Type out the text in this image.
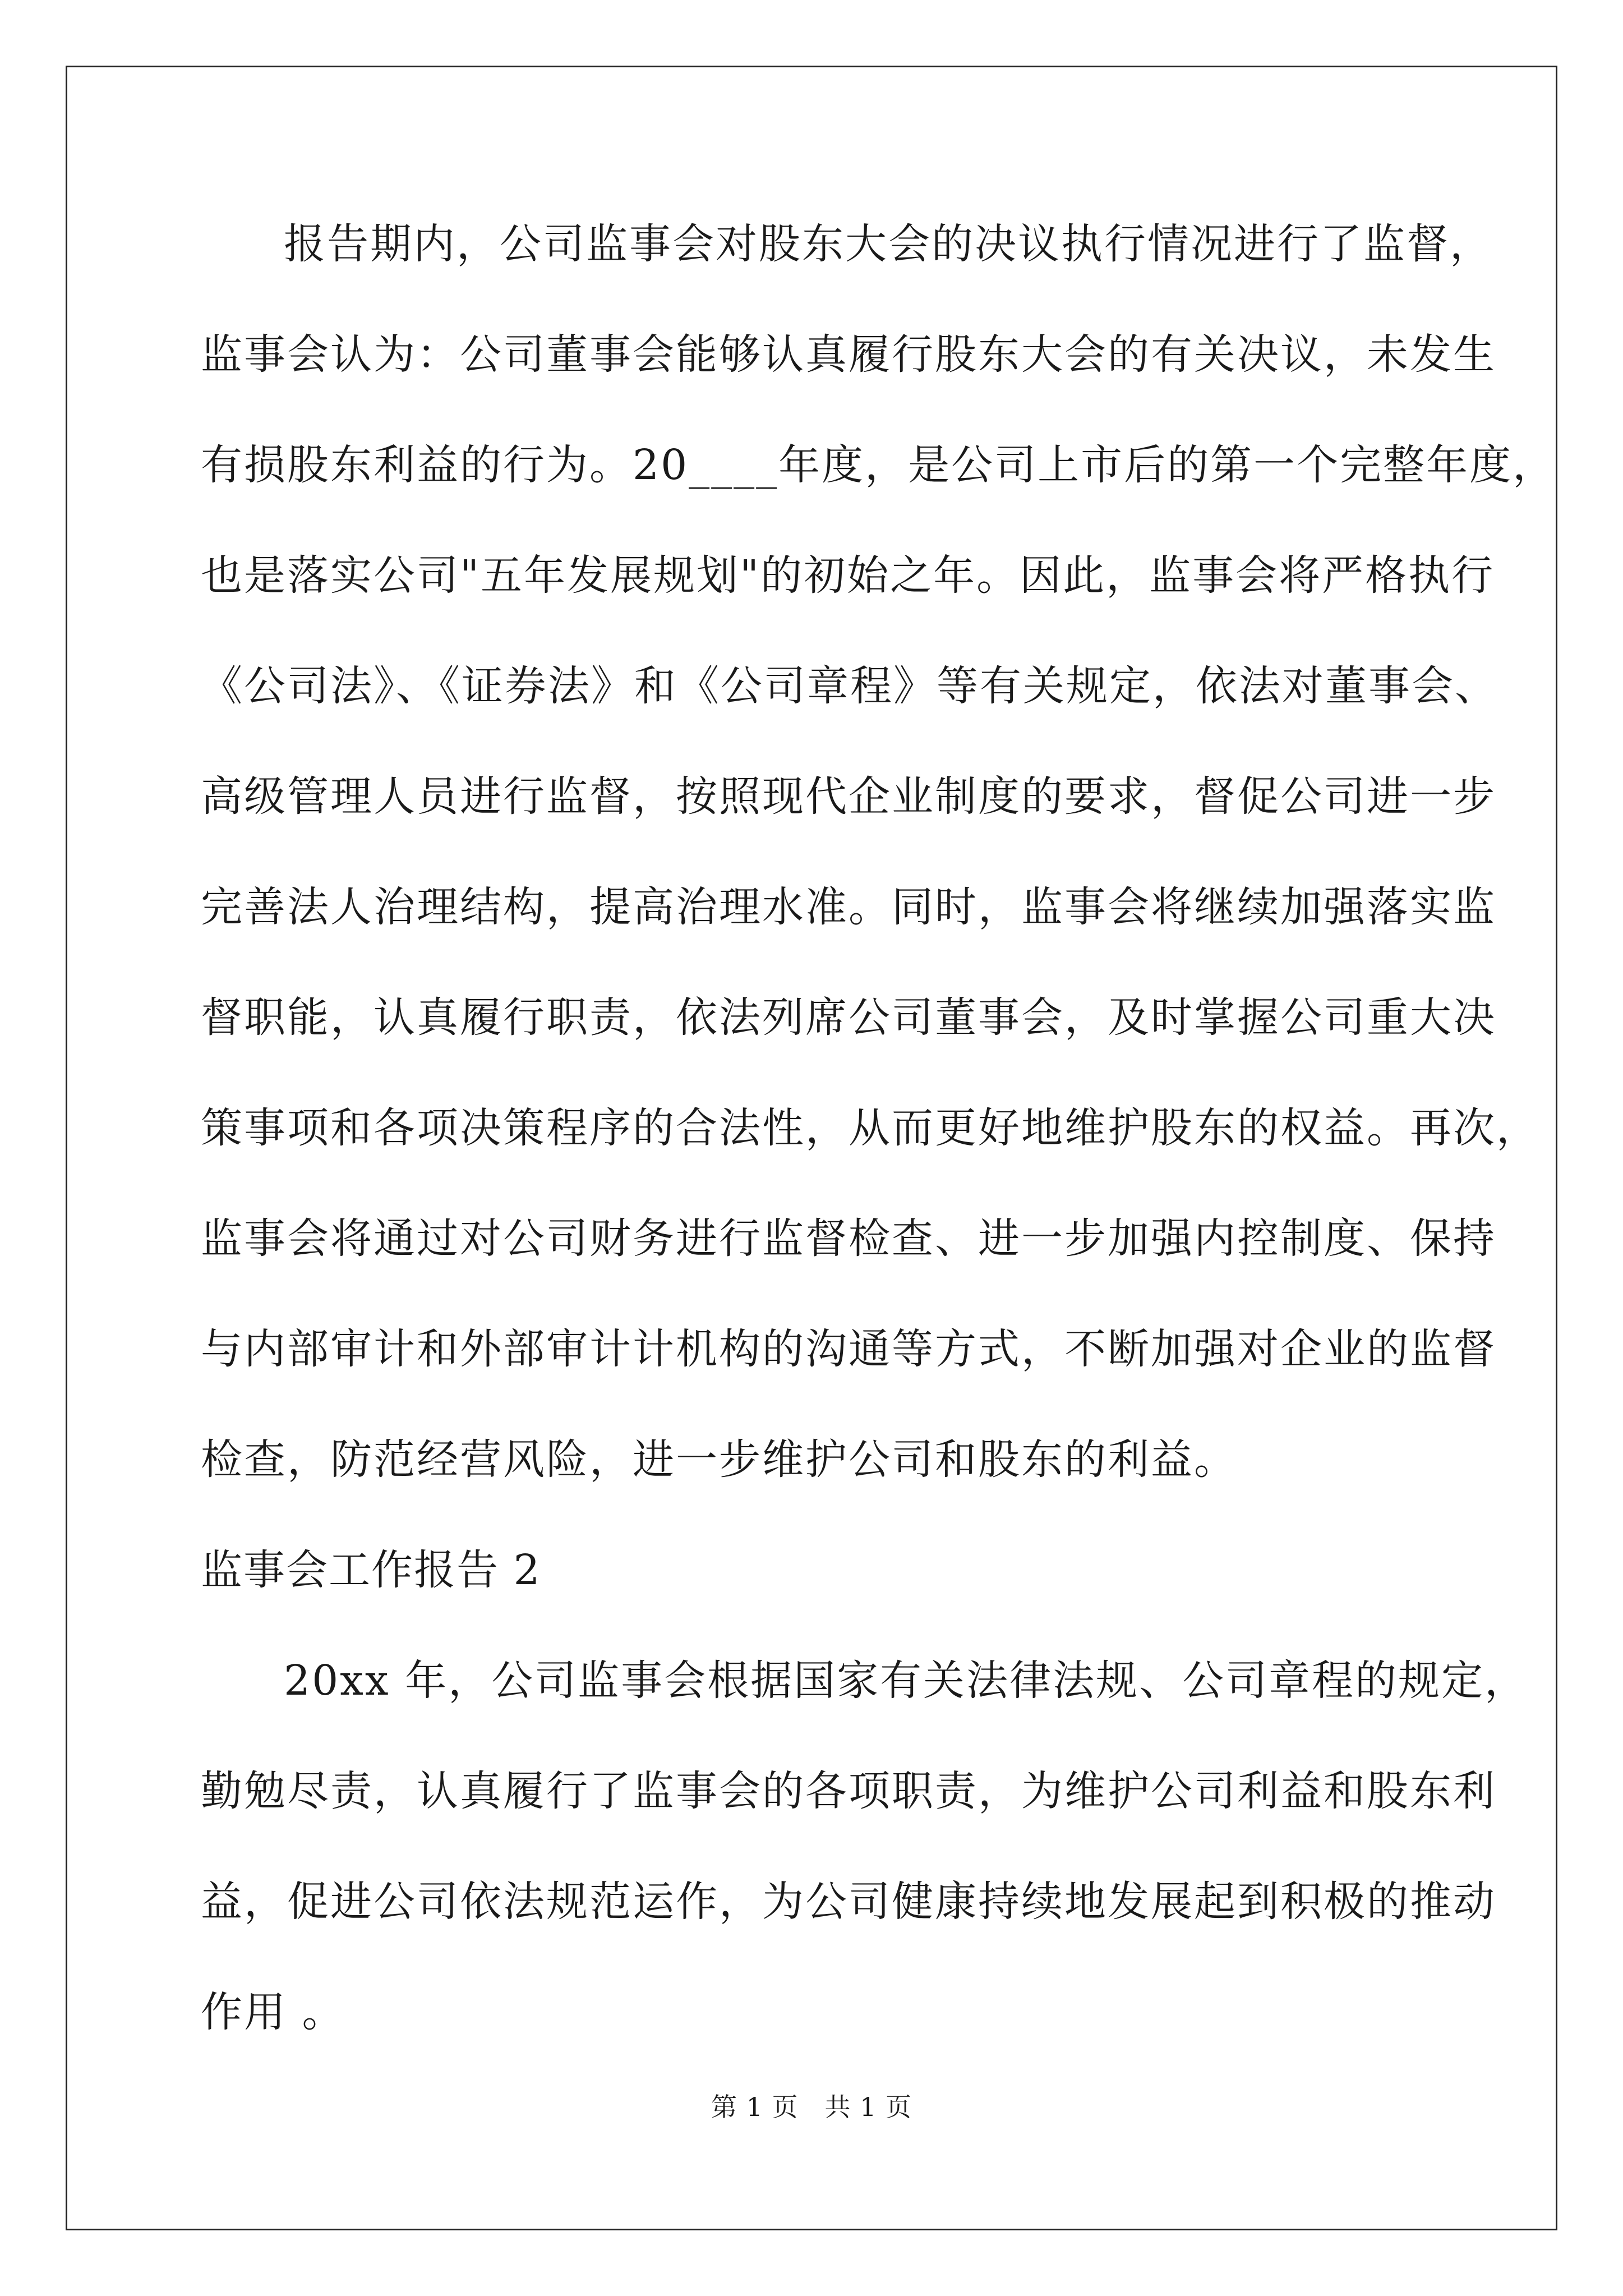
报告期内，公司监事会对股东大会的决议执行情况进行了监督，
监事会认为：公司董事会能够认真履行股东大会的有关决议，未发生
有损股东利益的行为。20____年度，是公司上市后的第一个完整年度，
也是落实公司"五年发展规划"的初始之年。因此，监事会将严格执行
《公司法》、《证券法》和《公司章程》等有关规定，依法对董事会、
高级管理人员进行监督，按照现代企业制度的要求，督促公司进一步
完善法人治理结构，提高治理水准。同时，监事会将继续加强落实监
督职能，认真履行职责，依法列席公司董事会，及时掌握公司重大决
策事项和各项决策程序的合法性，从而更好地维护股东的权益。再次，
监事会将通过对公司财务进行监督检查、进一步加强内控制度、保持
与内部审计和外部审计计机构的沟通等方式，不断加强对企业的监督
检查，防范经营风险，进一步维护公司和股东的利益。
监事会工作报告 2
20xx 年，公司监事会根据国家有关法律法规、公司章程的规定，
勤勉尽责，认真履行了监事会的各项职责，为维护公司利益和股东利
益，促进公司依法规范运作，为公司健康持续地发展起到积极的推动
作用 。
第 1 页　共 1 页
